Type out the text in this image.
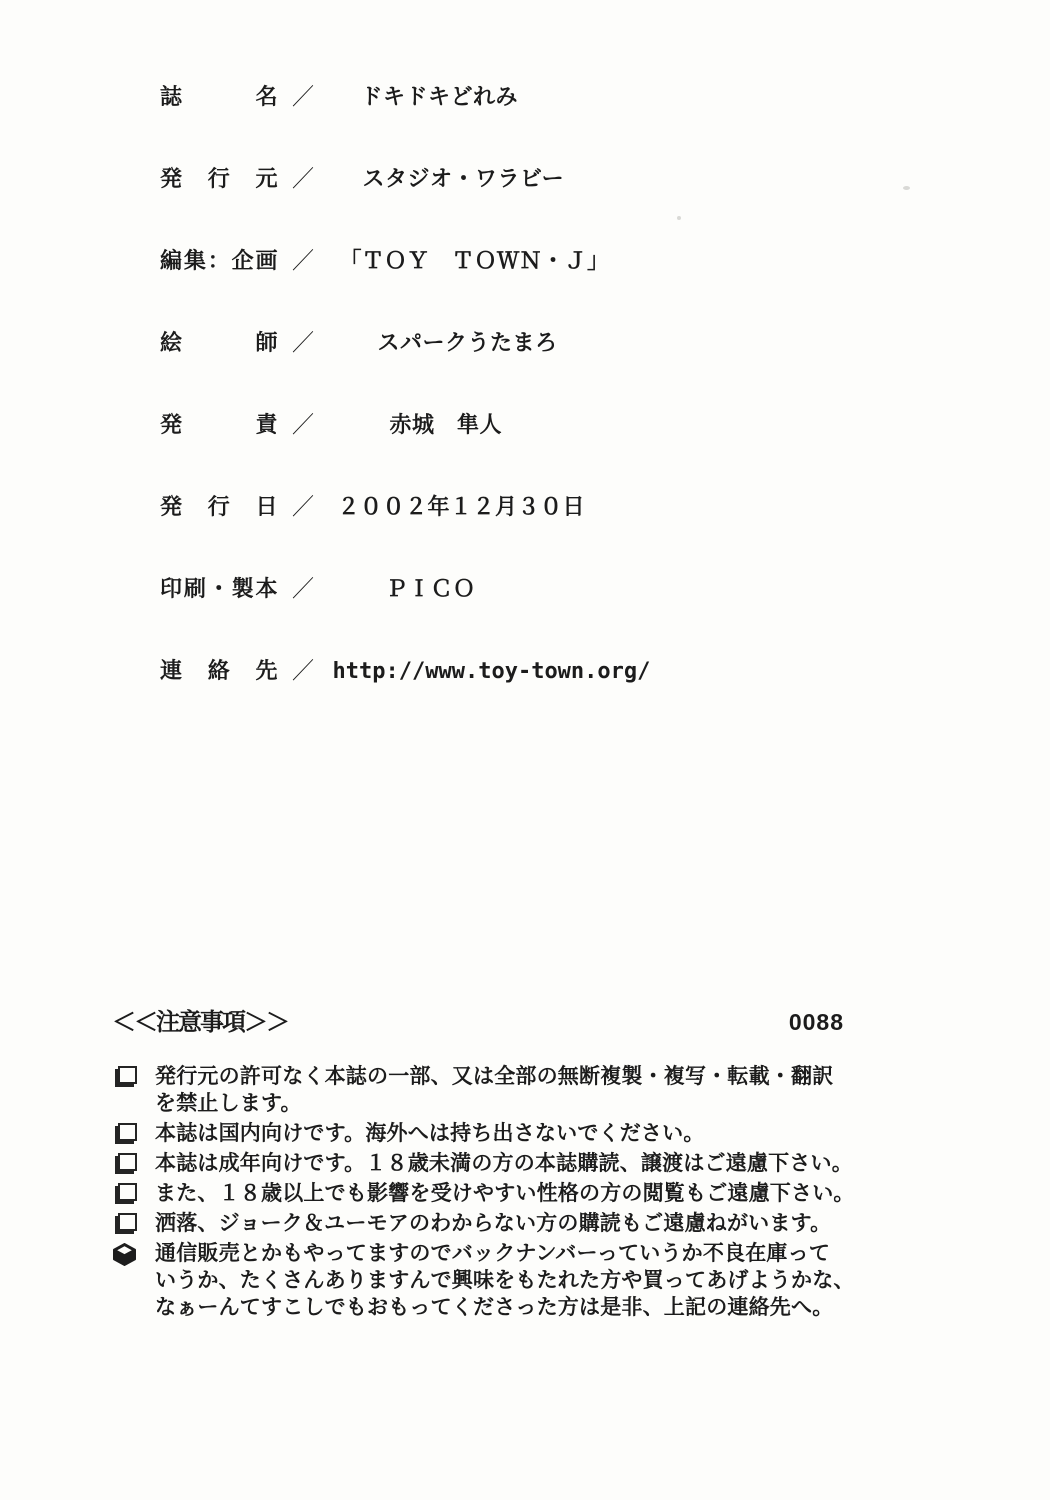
誌名 ／ ドキドキどれみ
発行元 ／ スタジオ・ワラビー
編集：企画 ／ 「ＴＯＹ　ＴＯＷＮ・Ｊ」
絵師 ／	スパークうたまろ
発責 ／	赤城　隼人
発行日 ／ ２００２年１２月３０日
印刷・製本 ／	ＰＩＣＯ
連絡先 ／ http://www.toy-town.org/
＜＜注意事項＞＞	0088
発行元の許可なく本誌の一部、又は全部の無断複製・複写・転載・翻訳
を禁止します。
本誌は国内向けです。海外へは持ち出さないでください。
本誌は成年向けです。１８歳未満の方の本誌購読、譲渡はご遠慮下さい。
また、１８歳以上でも影響を受けやすい性格の方の閲覧もご遠慮下さい。
洒落、ジョーク＆ユーモアのわからない方の購読もご遠慮ねがいます。
通信販売とかもやってますのでバックナンバーっていうか不良在庫って
いうか、たくさんありますんで興味をもたれた方や買ってあげようかな、
なぁーんてすこしでもおもってくださった方は是非、上記の連絡先へ。
